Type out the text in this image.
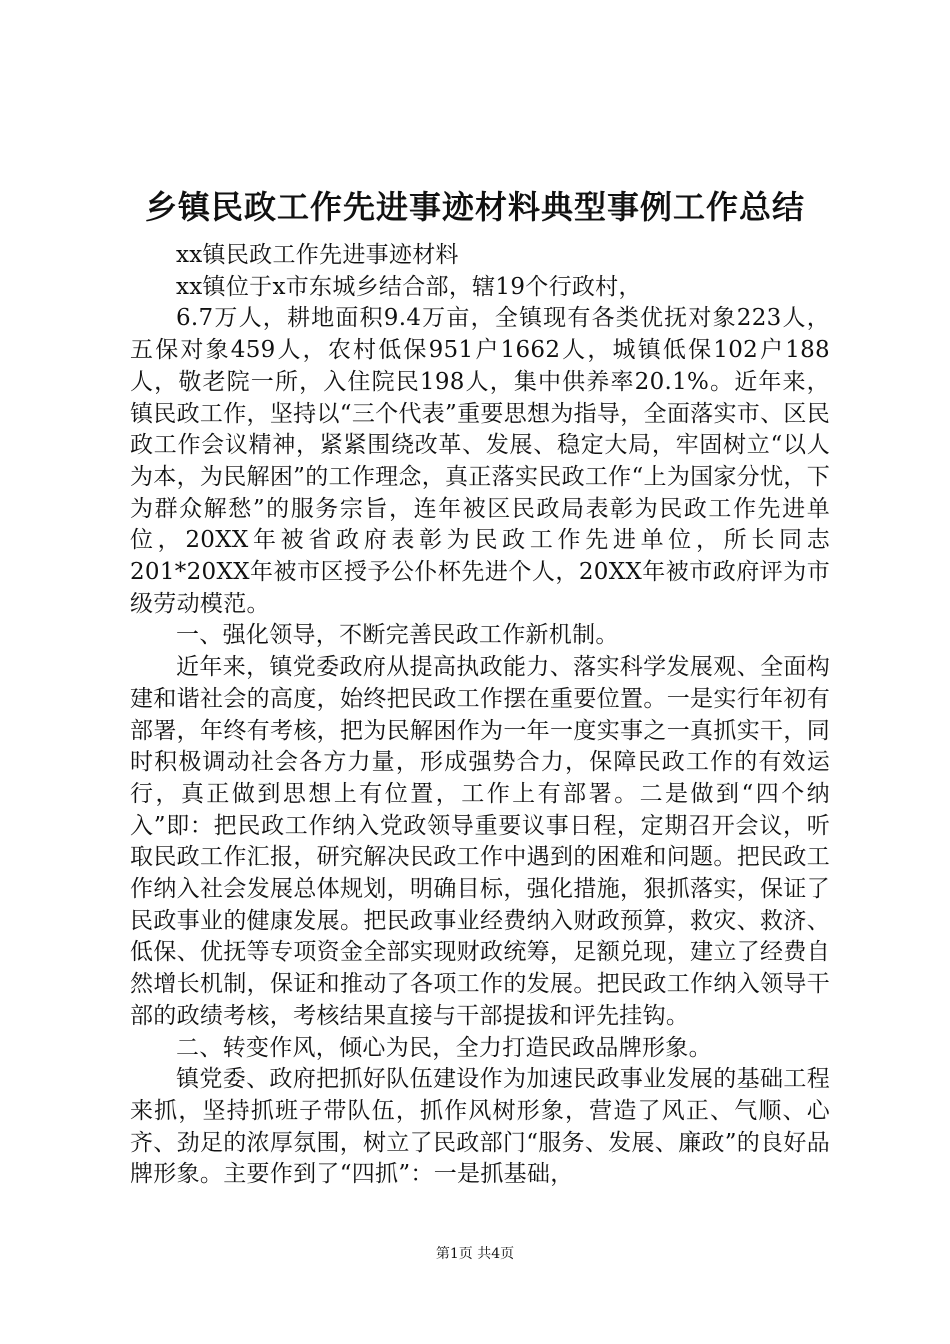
乡镇民政工作先进事迹材料典型事例工作总结

xx镇民政工作先进事迹材料

xx镇位于x市东城乡结合部，辖19个行政村，

6.7万人，耕地面积9.4万亩，全镇现有各类优抚对象223人，五保对象459人，农村低保951户1662人，城镇低保102户188人，敬老院一所，入住院民198人，集中供养率20.1%。近年来，镇民政工作，坚持以“三个代表”重要思想为指导，全面落实市、区民政工作会议精神，紧紧围绕改革、发展、稳定大局，牢固树立“以人为本，为民解困”的工作理念，真正落实民政工作“上为国家分忧，下为群众解愁”的服务宗旨，连年被区民政局表彰为民政工作先进单位，20XX年被省政府表彰为民政工作先进单位，所长同志201*20XX年被市区授予公仆杯先进个人，20XX年被市政府评为市级劳动模范。

一、强化领导，不断完善民政工作新机制。

近年来，镇党委政府从提高执政能力、落实科学发展观、全面构建和谐社会的高度，始终把民政工作摆在重要位置。一是实行年初有部署，年终有考核，把为民解困作为一年一度实事之一真抓实干，同时积极调动社会各方力量，形成强势合力，保障民政工作的有效运行，真正做到思想上有位置，工作上有部署。二是做到“四个纳入”即：把民政工作纳入党政领导重要议事日程，定期召开会议，听取民政工作汇报，研究解决民政工作中遇到的困难和问题。把民政工作纳入社会发展总体规划，明确目标，强化措施，狠抓落实，保证了民政事业的健康发展。把民政事业经费纳入财政预算，救灾、救济、低保、优抚等专项资金全部实现财政统筹，足额兑现，建立了经费自然增长机制，保证和推动了各项工作的发展。把民政工作纳入领导干部的政绩考核，考核结果直接与干部提拔和评先挂钩。

二、转变作风，倾心为民，全力打造民政品牌形象。

镇党委、政府把抓好队伍建设作为加速民政事业发展的基础工程来抓，坚持抓班子带队伍，抓作风树形象，营造了风正、气顺、心齐、劲足的浓厚氛围，树立了民政部门“服务、发展、廉政”的良好品牌形象。主要作到了“四抓”：一是抓基础，

第1页 共4页
